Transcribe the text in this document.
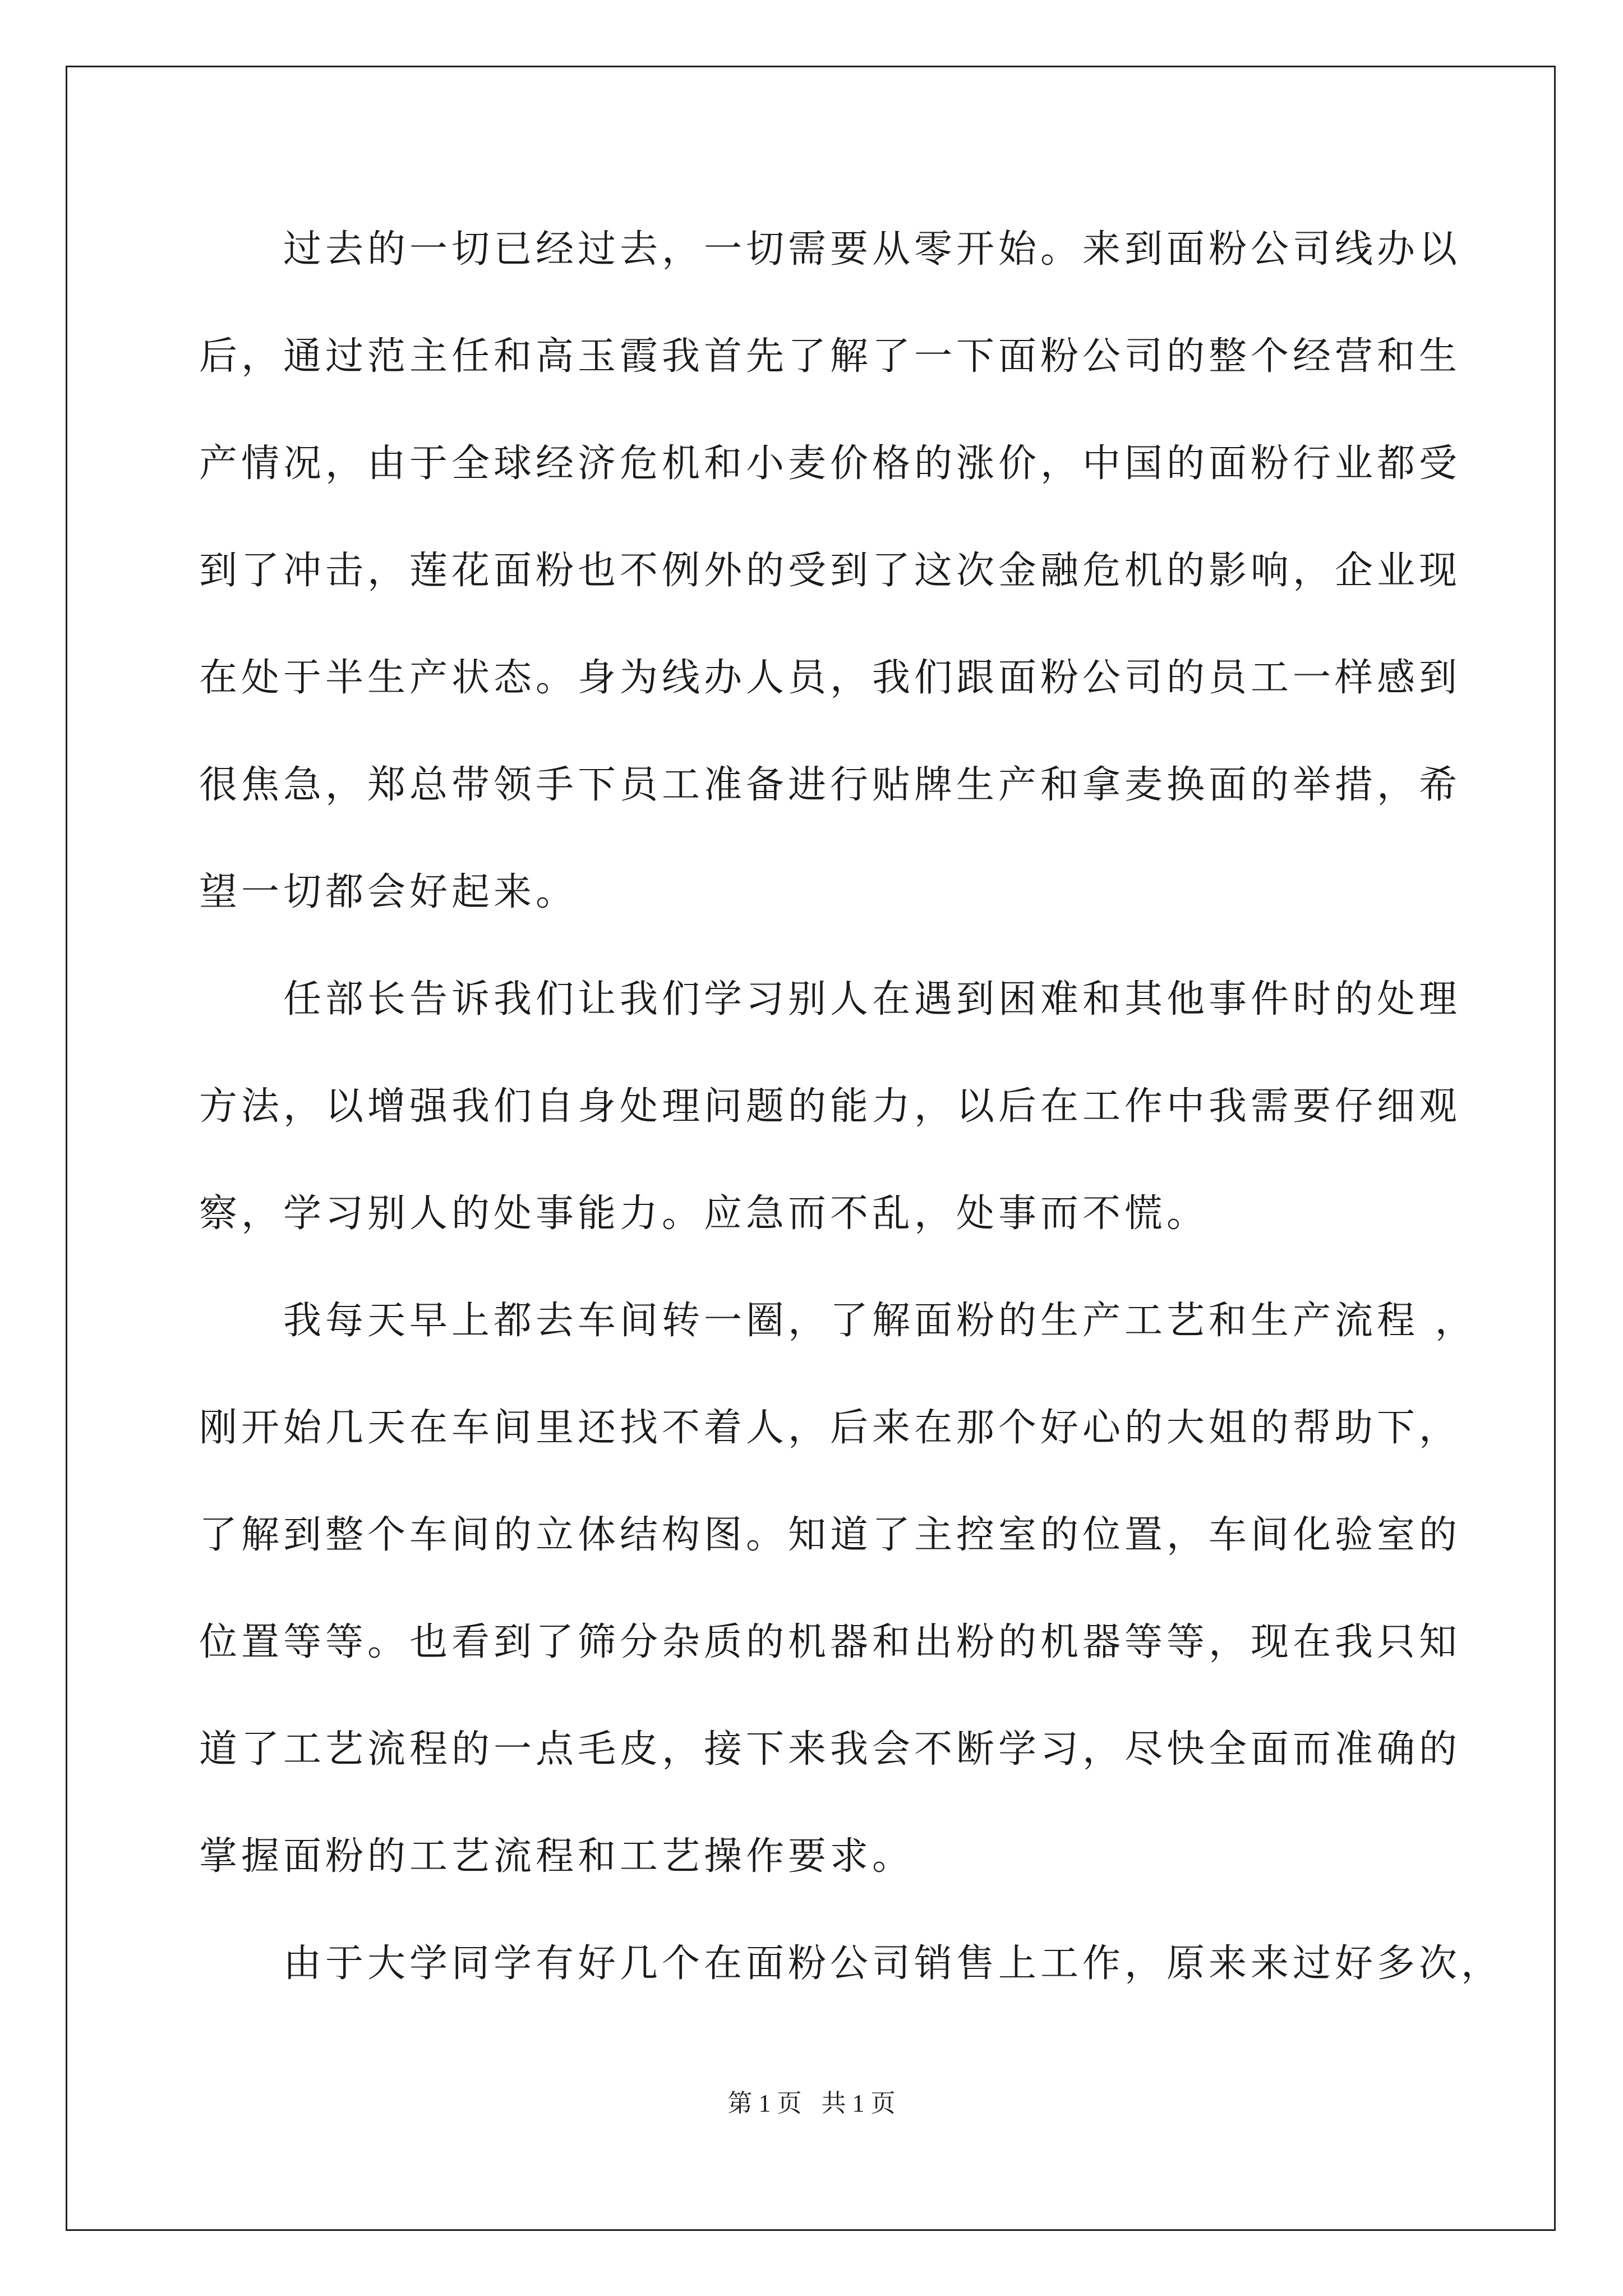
过去的一切已经过去，一切需要从零开始。来到面粉公司线办以
后，通过范主任和高玉霞我首先了解了一下面粉公司的整个经营和生
产情况，由于全球经济危机和小麦价格的涨价，中国的面粉行业都受
到了冲击，莲花面粉也不例外的受到了这次金融危机的影响，企业现
在处于半生产状态。身为线办人员，我们跟面粉公司的员工一样感到
很焦急，郑总带领手下员工准备进行贴牌生产和拿麦换面的举措，希
望一切都会好起来。
任部长告诉我们让我们学习别人在遇到困难和其他事件时的处理
方法，以增强我们自身处理问题的能力，以后在工作中我需要仔细观
察，学习别人的处事能力。应急而不乱，处事而不慌。
我每天早上都去车间转一圈，了解面粉的生产工艺和生产流程 ，
刚开始几天在车间里还找不着人，后来在那个好心的大姐的帮助下，
了解到整个车间的立体结构图。知道了主控室的位置，车间化验室的
位置等等。也看到了筛分杂质的机器和出粉的机器等等，现在我只知
道了工艺流程的一点毛皮，接下来我会不断学习，尽快全面而准确的
掌握面粉的工艺流程和工艺操作要求。
由于大学同学有好几个在面粉公司销售上工作，原来来过好多次，
第 1 页 共 1 页
